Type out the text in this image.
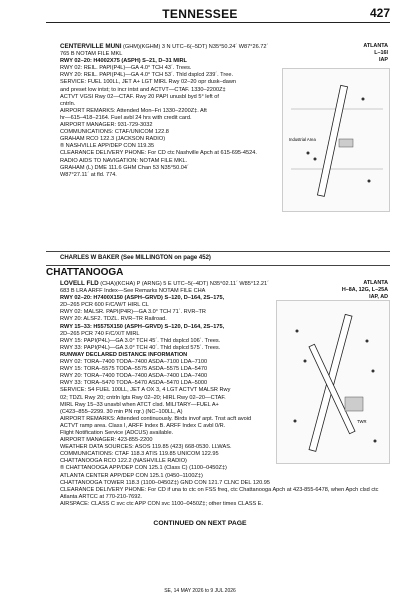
TENNESSEE	427
CENTERVILLE MUNI (GHM)(KGHM) 3 N UTC–6(–5DT) N35°50.24´ W87°26.72´
765 B NOTAM FILE MKL
RWY 02–20: H4002X75 (ASPH) S–21, D–31 MIRL
RWY 02: REIL. PAPI(P4L)—GA 4.0° TCH 43´. Trees.
RWY 20: REIL. PAPI(P4L)—GA 4.0° TCH 53´. Thld dsplcd 239´. Tree.
SERVICE: FUEL 100LL, JET A+ LGT MIRL Rwy 02–20 opr dusk–dawn
and preset low intst; to incr intst and ACTVT—CTAF. 1330–2200Z‡
ACTVT VGSI Rwy 02—CTAF. Rwy 20 PAPI unusbl byd 5° left of
cntrln.
AIRPORT REMARKS: Attended Mon–Fri 1330–2200Z‡. Aft
hr—615–418–2164. Fuel avbl 24 hrs with credit card.
AIRPORT MANAGER: 931-729-3032
COMMUNICATIONS: CTAF/UNICOM 122.8
GRAHAM RCO 122.3 (JACKSON RADIO)
® NASHVILLE APP/DEP CON 119.35
CLEARANCE DELIVERY PHONE: For CD ctc Nashville Apch at 615-695-4524.
RADIO AIDS TO NAVIGATION: NOTAM FILE MKL.
GRAHAM (L) DME 111.6 GHM Chan 53 N35°50.04´
W87°27.11´ at fld. 774.
ATLANTA
L–16I
IAP
Industrial Area
CHARLES W BAKER (See MILLINGTON on page 452)
CHATTANOOGA
LOVELL FLD (CHA)(KCHA) P (ARNG) 5 E UTC–5(–4DT) N35°02.11´ W85°12.21´
683 B LRA ARFF Index—See Remarks NOTAM FILE CHA
RWY 02–20: H7400X150 (ASPH–GRVD) S–120, D–164, 2S–175,
2D–265 PCR 600 F/C/W/T HIRL CL
RWY 02: MALSR. PAPI(P4R)—GA 3.0° TCH 71´. RVR–TR
RWY 20: ALSF2. TDZL. RVR–TR Railroad.
RWY 15–33: H5575X150 (ASPH–GRVD) S–120, D–164, 2S–175,
2D–265 PCR 740 F/C/X/T MIRL
RWY 15: PAPI(P4L)—GA 3.0° TCH 45´. Thld dsplcd 106´. Trees.
RWY 33: PAPI(P4L)—GA 3.0° TCH 40´. Thld dsplcd 575´. Trees.
RUNWAY DECLARED DISTANCE INFORMATION
RWY 02: TORA–7400 TODA–7400 ASDA–7100 LDA–7100
RWY 15: TORA–5575 TODA–5575 ASDA–5575 LDA–5470
RWY 20: TORA–7400 TODA–7400 ASDA–7400 LDA–7400
RWY 33: TORA–5470 TODA–5470 ASDA–5470 LDA–5000
SERVICE: S4 FUEL 100LL, JET A OX 3, 4 LGT ACTVT MALSR Rwy
02; TDZL Rwy 20; cntrln lgts Rwy 02–20; HIRL Rwy 02–20—CTAF.
MIRL Rwy 15–33 unavbl when ATCT clsd. MILITARY—FUEL A+
(C423–855–2299. 30 min PN rqr.) (NC–100LL, A)
AIRPORT REMARKS: Attended continuously. Birds invof arpt. Tnst acft avoid
ACTVT ramp area. Class I, ARFF Index B. ARFF Index C avbl 0/R.
Flight Notification Service (ADCUS) available.
AIRPORT MANAGER: 423-855-2200
WEATHER DATA SOURCES: ASOS 119.85 (423) 668-0530. LLWAS.
COMMUNICATIONS: CTAF 118.3 ATIS 119.85 UNICOM 122.95
CHATTANOOGA RCO 122.2 (NASHVILLE RADIO)
® CHATTANOOGA APP/DEP CON 125.1 (Class C) (1100–0450Z‡)
ATLANTA CENTER APP/DEP CON 125.1 (0450–1100Z‡)
CHATTANOOGA TOWER 118.3 (1100–0450Z‡) GND CON 121.7 CLNC DEL 120.95
CLEARANCE DELIVERY PHONE: For CD if una to ctc on FSS freq, ctc Chattanooga Apch at 423-855-6478, when Apch clsd ctc
Atlanta ARTCC at 770-210-7692.
AIRSPACE: CLASS C svc ctc APP CON svc 1100–0450Z‡; other times CLASS E.
ATLANTA
H–8A, 12G, L–25A
IAP, AD
TWR
CONTINUED ON NEXT PAGE
SE, 14 MAY 2026 to 9 JUL 2026
